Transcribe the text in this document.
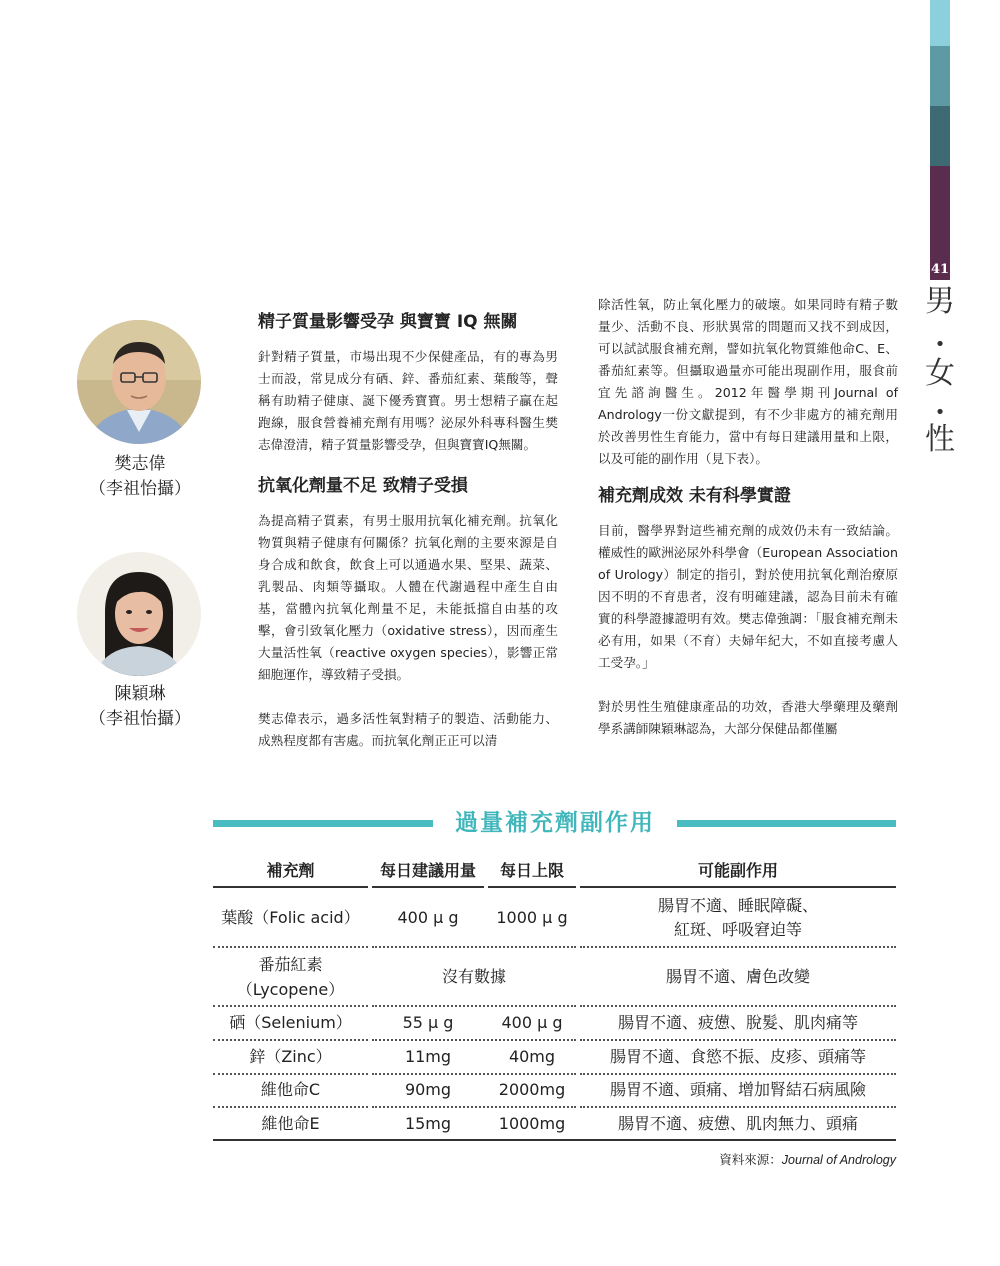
41
男
•
女
•
性
樊志偉
（李祖怡攝）
陳穎琳
（李祖怡攝）
精子質量影響受孕 與寶寶 IQ 無關

針對精子質量，市場出現不少保健產品，有的專為男士而設，常見成分有硒、鋅、番茄紅素、葉酸等，聲稱有助精子健康、誕下優秀寶寶。男士想精子贏在起跑線，服食營養補充劑有用嗎？泌尿外科專科醫生樊志偉澄清，精子質量影響受孕，但與寶寶IQ無關。

抗氧化劑量不足 致精子受損

為提高精子質素，有男士服用抗氧化補充劑。抗氧化物質與精子健康有何關係？抗氧化劑的主要來源是自身合成和飲食，飲食上可以通過水果、堅果、蔬菜、乳製品、肉類等攝取。人體在代謝過程中產生自由基，當體內抗氧化劑量不足，未能抵擋自由基的攻擊，會引致氧化壓力（oxidative stress），因而產生大量活性氧（reactive oxygen species），影響正常細胞運作，導致精子受損。

樊志偉表示，過多活性氧對精子的製造、活動能力、成熟程度都有害處。而抗氧化劑正正可以清

除活性氧，防止氧化壓力的破壞。如果同時有精子數量少、活動不良、形狀異常的問題而又找不到成因，可以試試服食補充劑，譬如抗氧化物質維他命C、E、番茄紅素等。但攝取過量亦可能出現副作用，服食前宜先諮詢醫生。2012年醫學期刊Journal of Andrology一份文獻提到，有不少非處方的補充劑用於改善男性生育能力，當中有每日建議用量和上限，以及可能的副作用（見下表）。

補充劑成效 未有科學實證

目前，醫學界對這些補充劑的成效仍未有一致結論。權威性的歐洲泌尿外科學會（European Association of Urology）制定的指引，對於使用抗氧化劑治療原因不明的不育患者，沒有明確建議，認為目前未有確實的科學證據證明有效。樊志偉強調：「服食補充劑未必有用，如果（不育）夫婦年紀大，不如直接考慮人工受孕。」

對於男性生殖健康產品的功效，香港大學藥理及藥劑學系講師陳穎琳認為，大部分保健品都僅屬

過量補充劑副作用
補充劑	每日建議用量	每日上限	可能副作用
葉酸（Folic acid）	400 μ g	1000 μ g
腸胃不適、睡眠障礙、
紅斑、呼吸窘迫等
番茄紅素
（Lycopene）
沒有數據	腸胃不適、膚色改變
硒（Selenium）	55 μ g	400 μ g	腸胃不適、疲憊、脫髮、肌肉痛等
鋅（Zinc）	11mg	40mg	腸胃不適、食慾不振、皮疹、頭痛等
維他命C	90mg	2000mg	腸胃不適、頭痛、增加腎結石病風險
維他命E	15mg	1000mg	腸胃不適、疲憊、肌肉無力、頭痛
資料來源：Journal of Andrology
